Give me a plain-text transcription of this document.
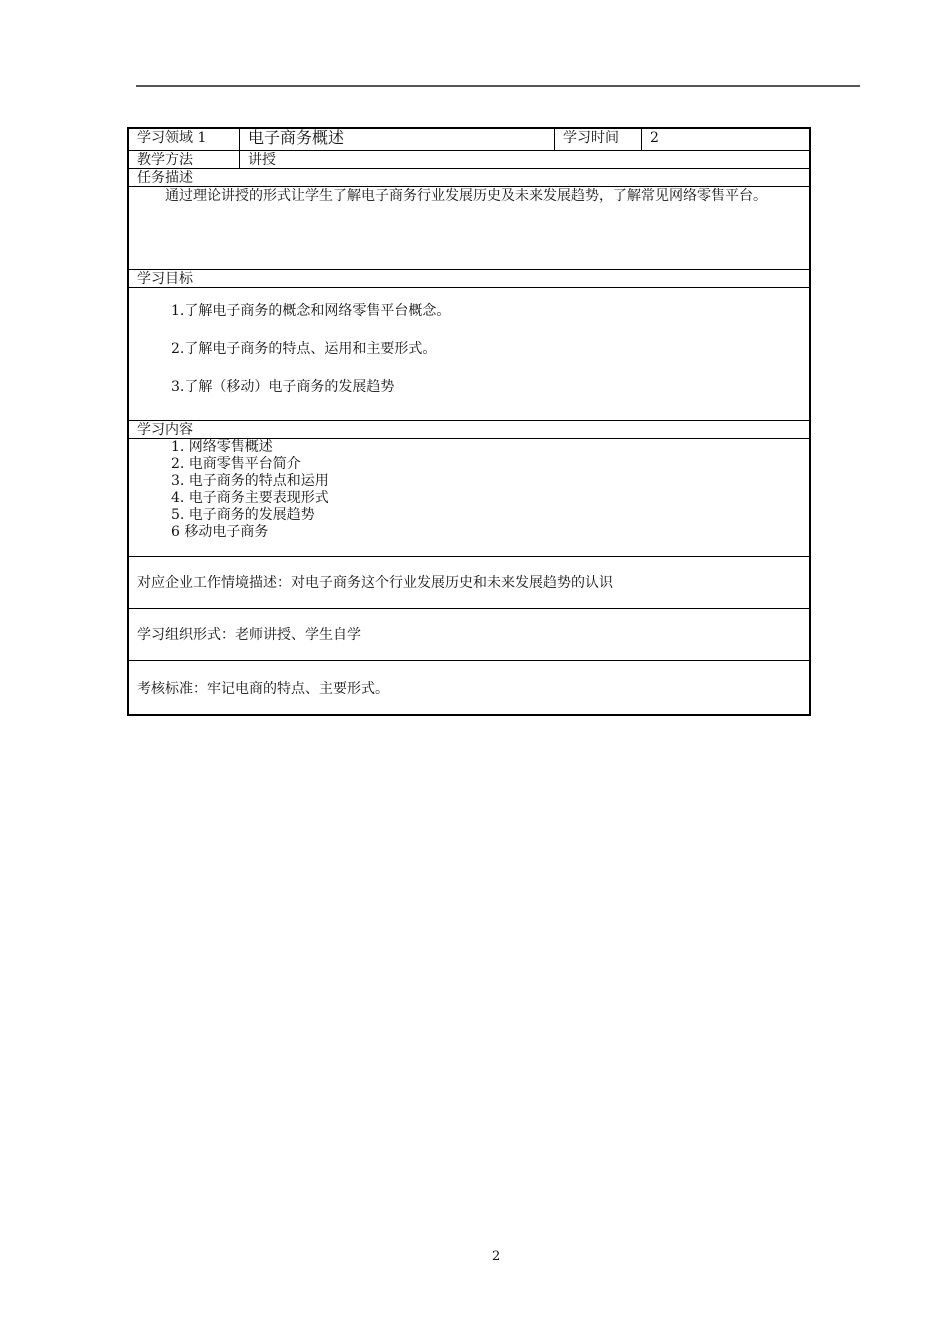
学习领域 1	电子商务概述	学习时间	2
教学方法	讲授
任务描述
通过理论讲授的形式让学生了解电子商务行业发展历史及未来发展趋势，了解常见网络零售平台。
学习目标
1.了解电子商务的概念和网络零售平台概念。
2.了解电子商务的特点、运用和主要形式。
3.了解（移动）电子商务的发展趋势
学习内容
1. 网络零售概述
2. 电商零售平台简介
3. 电子商务的特点和运用
4. 电子商务主要表现形式
5. 电子商务的发展趋势
6 移动电子商务
对应企业工作情境描述：对电子商务这个行业发展历史和未来发展趋势的认识
学习组织形式：老师讲授、学生自学
考核标准：牢记电商的特点、主要形式。
2
